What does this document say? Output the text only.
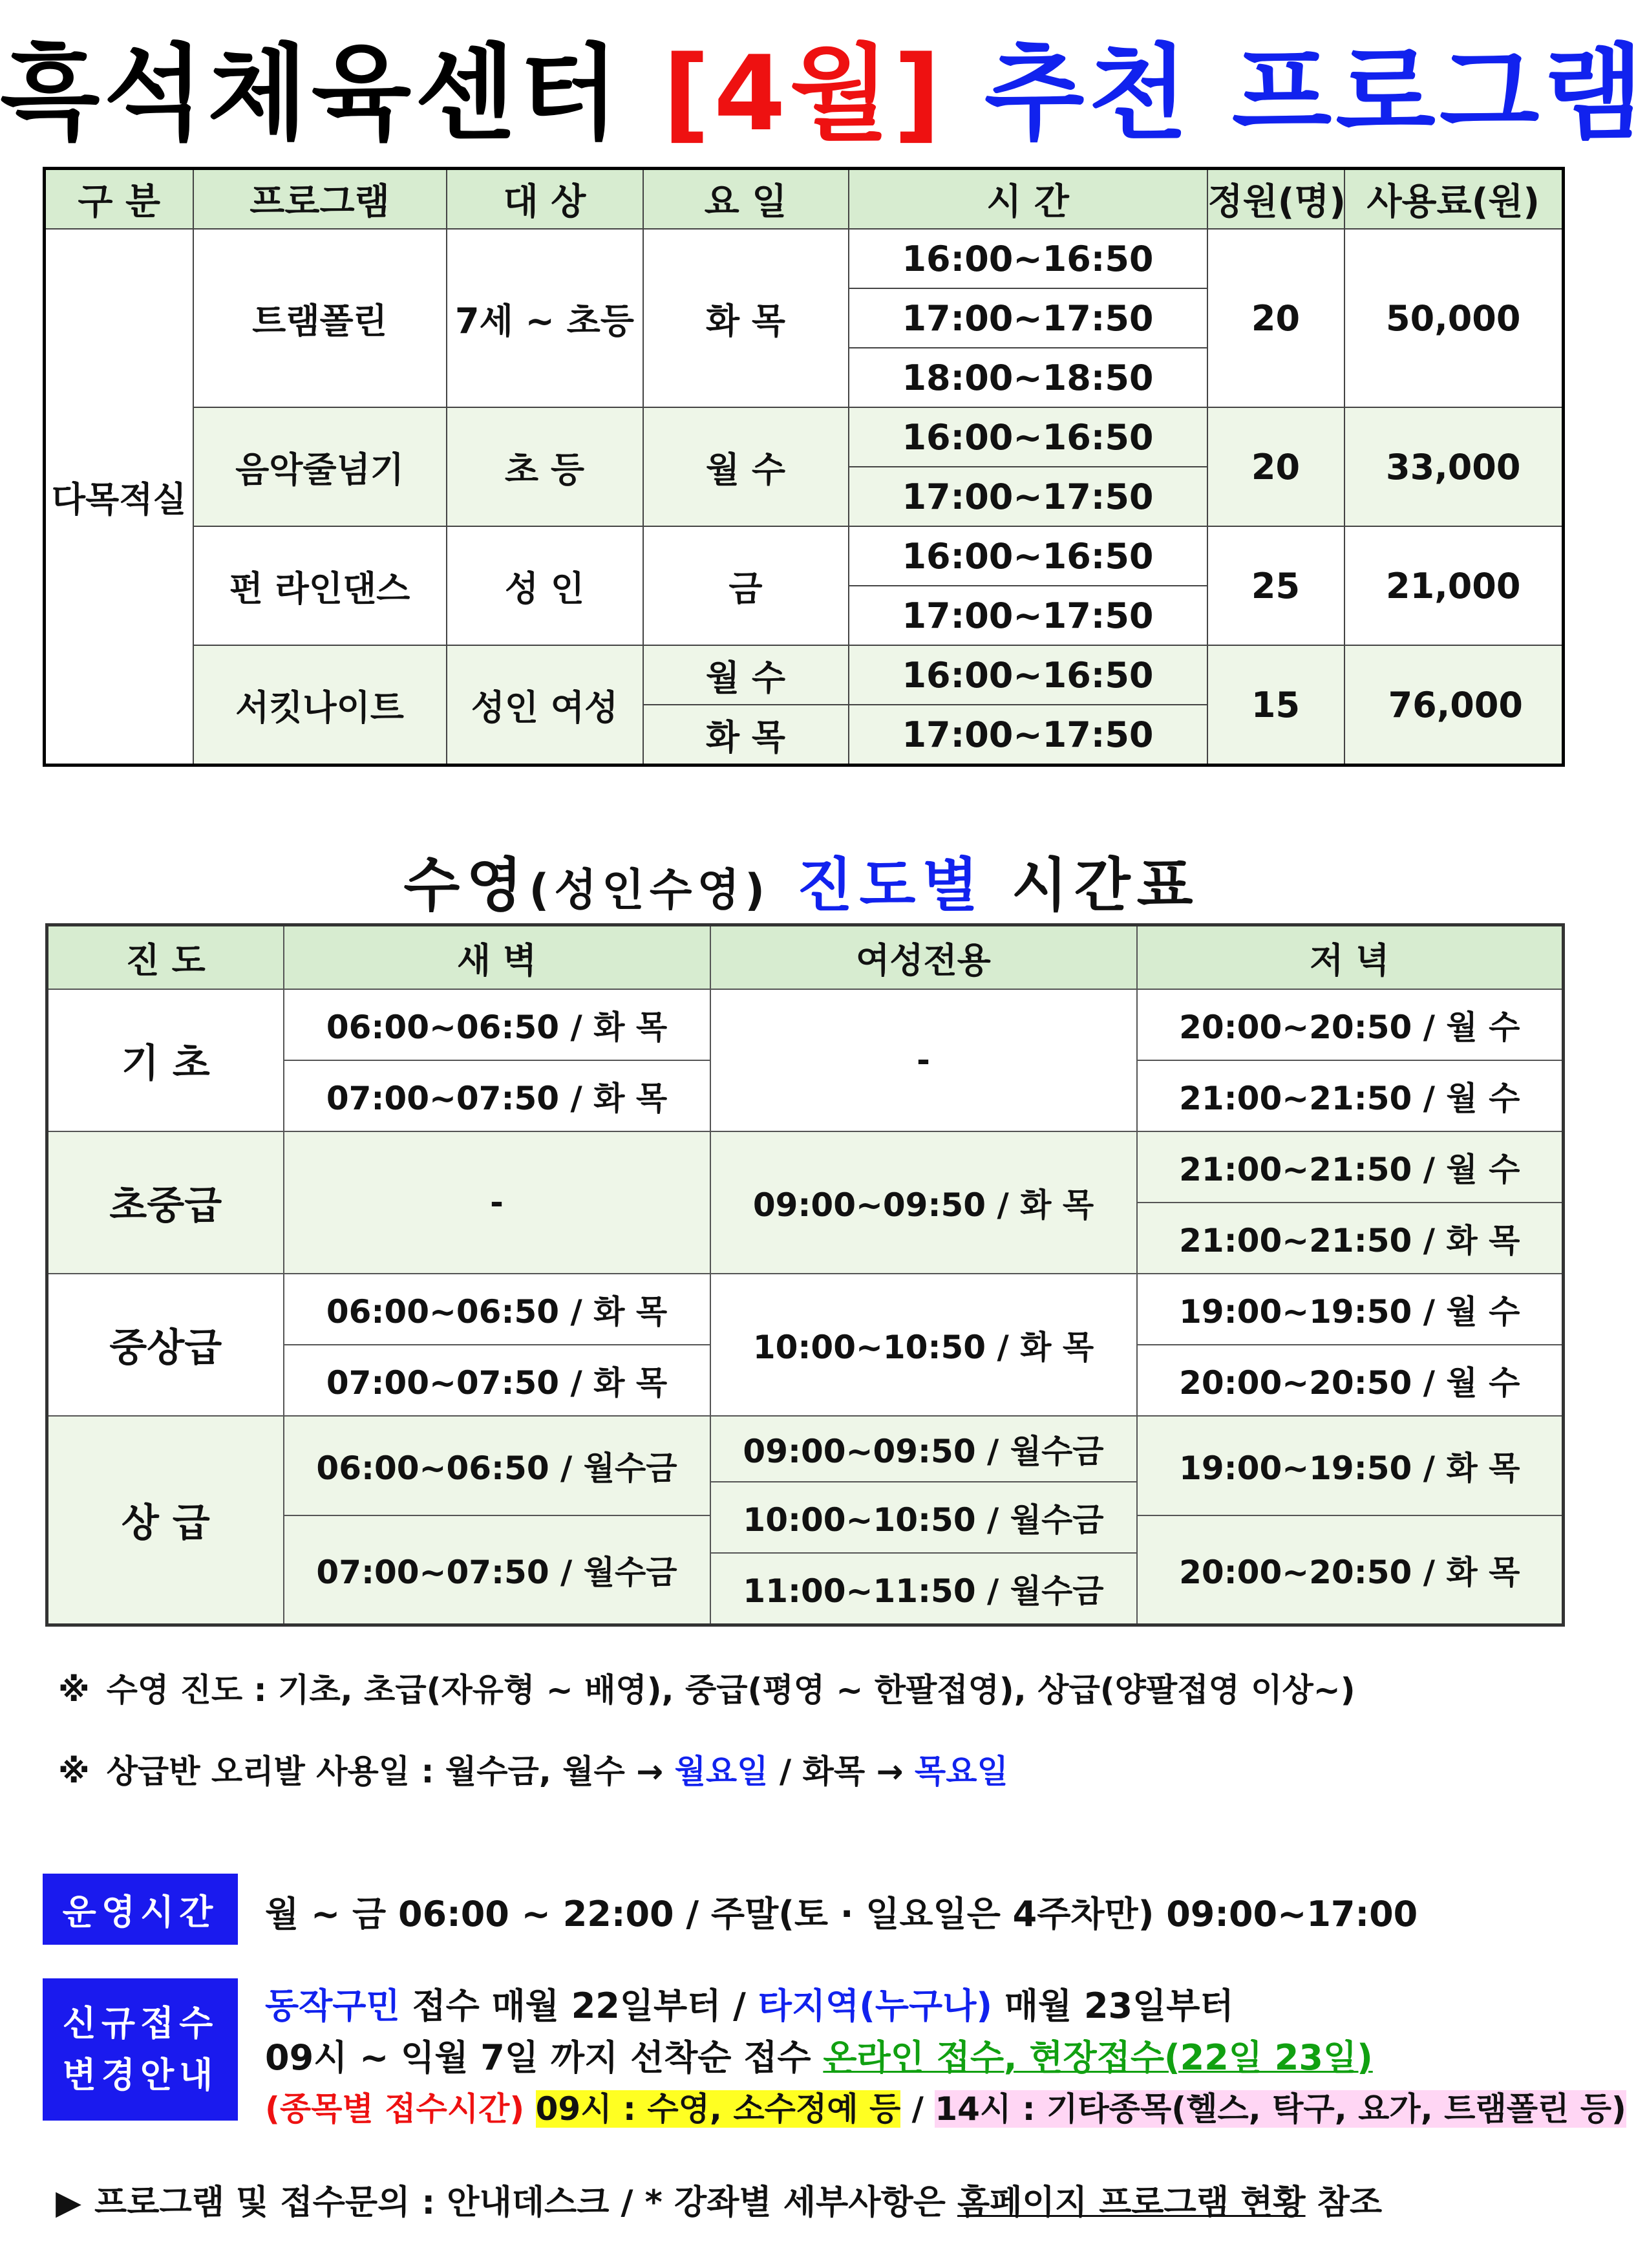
흑석체육센터 [4월] 추천 프로그램
구 분	프로그램	대 상	요 일	시 간	정원(명)	사용료(원)
다목적실	트램폴린	7세 ~ 초등	화 목	16:00~16:50	20	50,000
				17:00~17:50		
				18:00~18:50		
	음악줄넘기	초 등	월 수	16:00~16:50	20	33,000
				17:00~17:50		
	펀 라인댄스	성 인	금	16:00~16:50	25	21,000
				17:00~17:50		
	서킷나이트	성인 여성	월 수	16:00~16:50	15	76,000

			화 목	17:00~17:50		

수영(성인수영) 진도별 시간표
진 도	새 벽	여성전용	저 녁
기 초	06:00~06:50 / 화 목	-	20:00~20:50 / 월 수
	07:00~07:50 / 화 목		21:00~21:50 / 월 수
초중급	-	09:00~09:50 / 화 목	21:00~21:50 / 월 수
			21:00~21:50 / 화 목
중상급	06:00~06:50 / 화 목	10:00~10:50 / 화 목	19:00~19:50 / 월 수
	07:00~07:50 / 화 목		20:00~20:50 / 월 수
상 급	06:00~06:50 / 월수금	09:00~09:50 / 월수금	19:00~19:50 / 화 목

		10:00~10:50 / 월수금	
	07:00~07:50 / 월수금		20:00~20:50 / 화 목
		11:00~11:50 / 월수금	

※ 수영 진도 : 기초, 초급(자유형 ~ 배영), 중급(평영 ~ 한팔접영), 상급(양팔접영 이상~)
※ 상급반 오리발 사용일 : 월수금, 월수 → 월요일 / 화목 → 목요일
운영시간	월 ~ 금 06:00 ~ 22:00 / 주말(토 · 일요일은 4주차만) 09:00~17:00
신규접수
변경안내
동작구민 접수 매월 22일부터 / 타지역(누구나) 매월 23일부터
09시 ~ 익월 7일 까지 선착순 접수 온라인 접수, 현장접수(22일 23일)
(종목별 접수시간) 09시 : 수영, 소수정예 등 / 14시 : 기타종목(헬스, 탁구, 요가, 트램폴린 등)
▶ 프로그램 및 접수문의 : 안내데스크 / * 강좌별 세부사항은 홈페이지 프로그램 현황 참조
